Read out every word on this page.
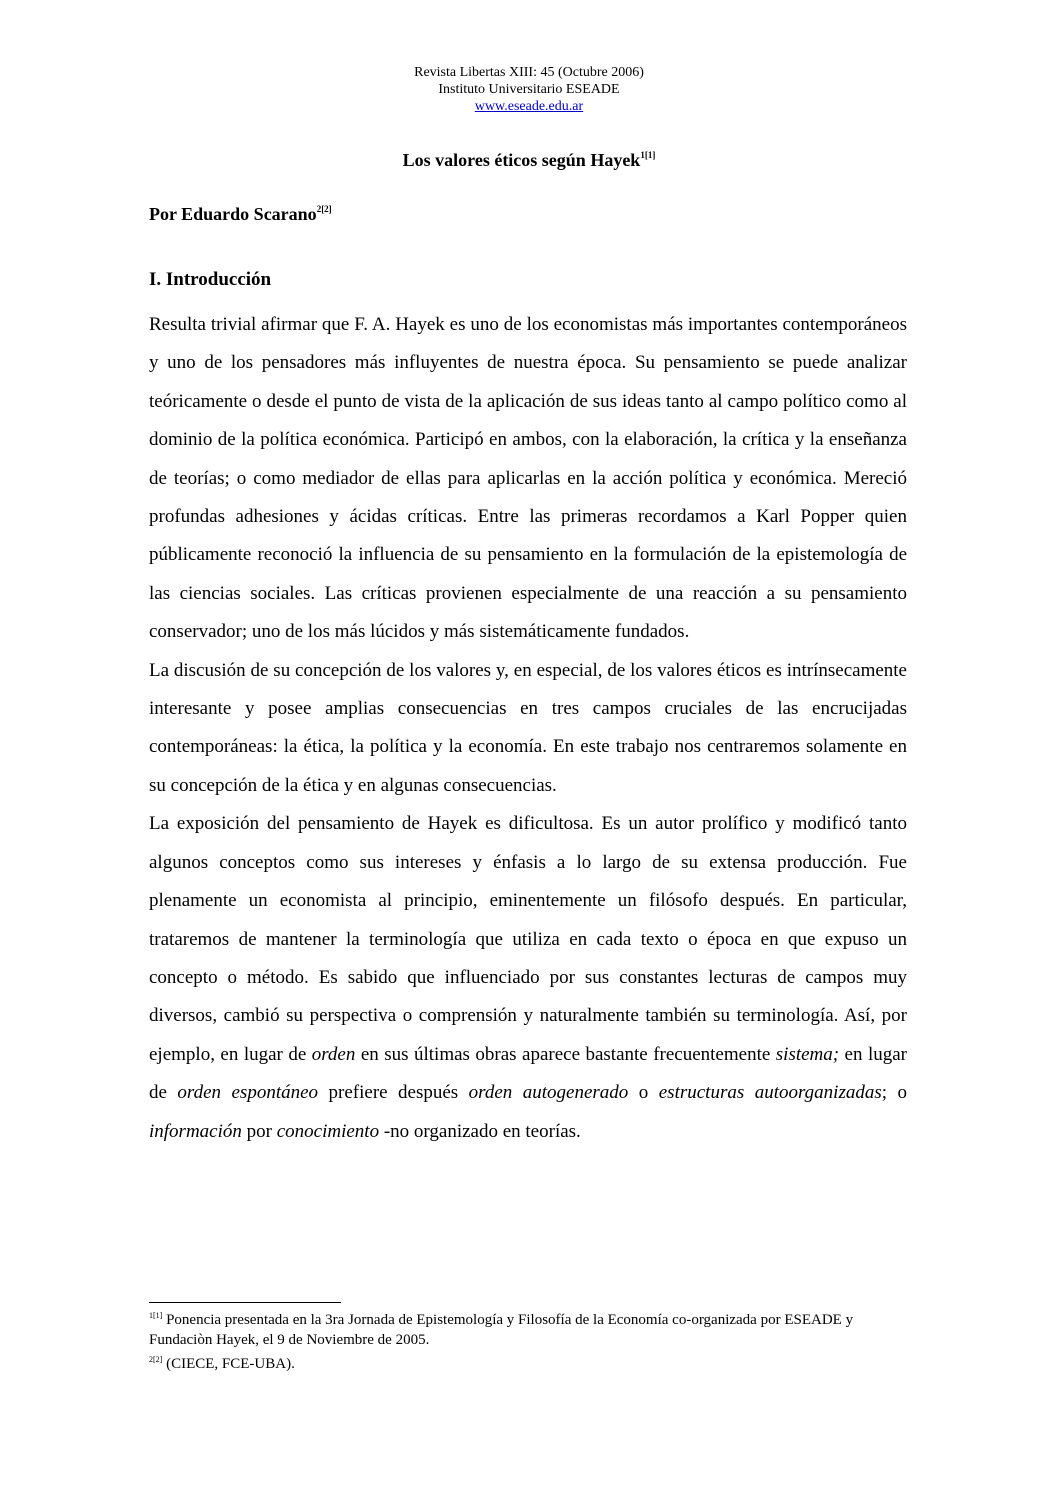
Revista Libertas XIII: 45 (Octubre 2006)
Instituto Universitario ESEADE
www.eseade.edu.ar
Los valores éticos según Hayek$^{1[1]}$
Por Eduardo Scarano$^{2[2]}$
I. Introducción

Resulta trivial afirmar que F. A. Hayek es uno de los economistas más importantes contemporáneos y uno de los pensadores más influyentes de nuestra época. Su pensamiento se puede analizar teóricamente o desde el punto de vista de la aplicación de sus ideas tanto al campo político como al dominio de la política económica. Participó en ambos, con la elaboración, la crítica y la enseñanza de teorías; o como mediador de ellas para aplicarlas en la acción política y económica. Mereció profundas adhesiones y ácidas críticas. Entre las primeras recordamos a Karl Popper quien públicamente reconoció la influencia de su pensamiento en la formulación de la epistemología de las ciencias sociales. Las críticas provienen especialmente de una reacción a su pensamiento conservador; uno de los más lúcidos y más sistemáticamente fundados.

La discusión de su concepción de los valores y, en especial, de los valores éticos es intrínsecamente interesante y posee amplias consecuencias en tres campos cruciales de las encrucijadas contemporáneas: la ética, la política y la economía. En este trabajo nos centraremos solamente en su concepción de la ética y en algunas consecuencias.

La exposición del pensamiento de Hayek es dificultosa. Es un autor prolífico y modificó tanto algunos conceptos como sus intereses y énfasis a lo largo de su extensa producción. Fue plenamente un economista al principio, eminentemente un filósofo después. En particular, trataremos de mantener la terminología que utiliza en cada texto o época en que expuso un concepto o método. Es sabido que influenciado por sus constantes lecturas de campos muy diversos, cambió su perspectiva o comprensión y naturalmente también su terminología. Así, por ejemplo, en lugar de orden en sus últimas obras aparece bastante frecuentemente sistema; en lugar de orden espontáneo prefiere después orden autogenerado o estructuras autoorganizadas; o información por conocimiento -no organizado en teorías.

$^{1[1]}$ Ponencia presentada en la 3ra Jornada de Epistemología y Filosofía de la Economía co-organizada por ESEADE y Fundaciòn Hayek, el 9 de Noviembre de 2005.

$^{2[2]}$ (CIECE, FCE-UBA).
